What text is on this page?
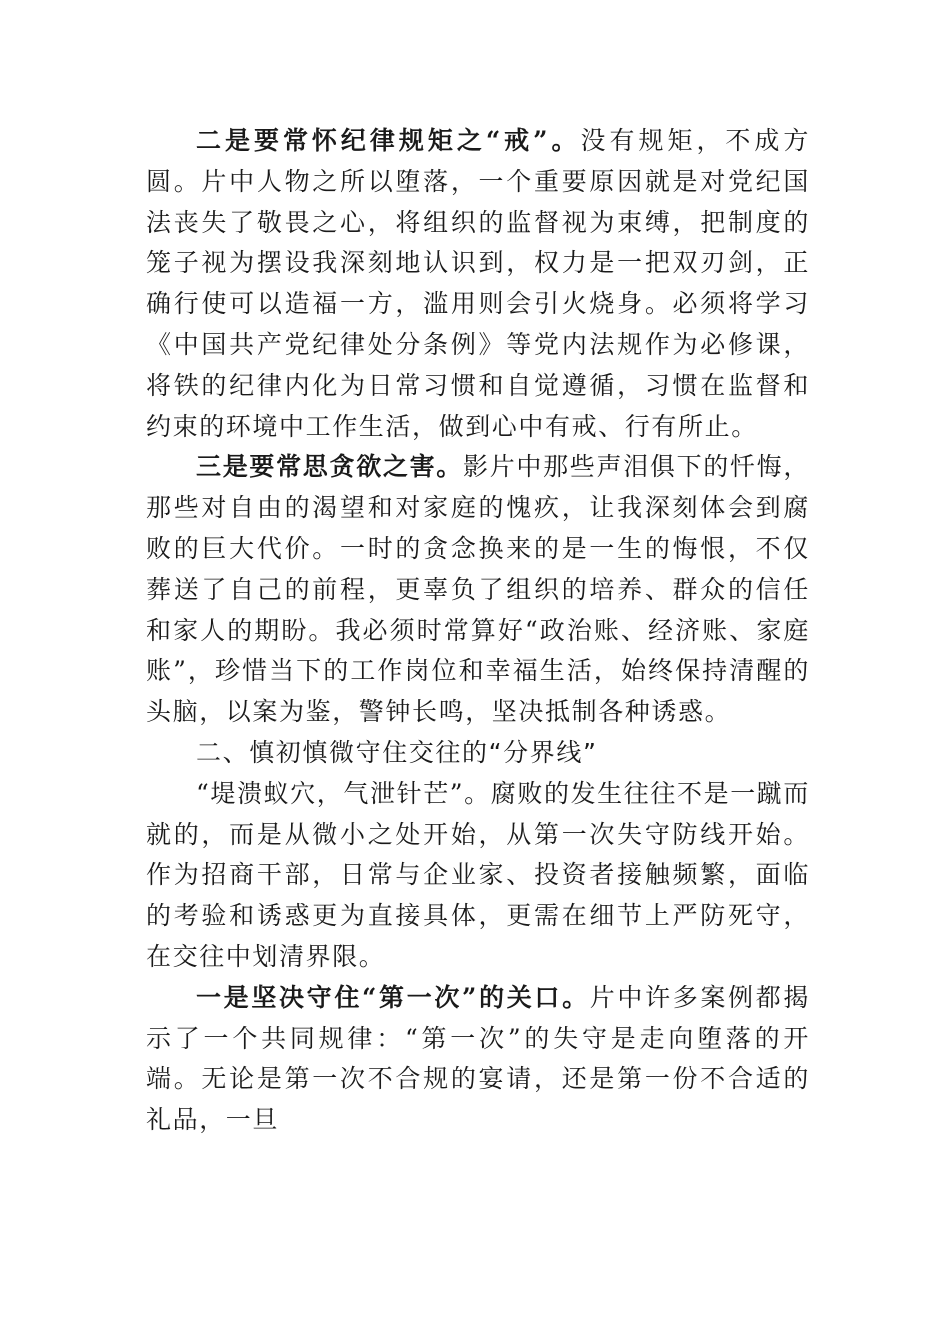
二是要常怀纪律规矩之“戒”。没有规矩，不成方圆。片中人物之所以堕落，一个重要原因就是对党纪国法丧失了敬畏之心，将组织的监督视为束缚，把制度的笼子视为摆设我深刻地认识到，权力是一把双刃剑，正确行使可以造福一方，滥用则会引火烧身。必须将学习《中国共产党纪律处分条例》等党内法规作为必修课，将铁的纪律内化为日常习惯和自觉遵循，习惯在监督和约束的环境中工作生活，做到心中有戒、行有所止。

三是要常思贪欲之害。影片中那些声泪俱下的忏悔，那些对自由的渴望和对家庭的愧疚，让我深刻体会到腐败的巨大代价。一时的贪念换来的是一生的悔恨，不仅葬送了自己的前程，更辜负了组织的培养、群众的信任和家人的期盼。我必须时常算好“政治账、经济账、家庭账”，珍惜当下的工作岗位和幸福生活，始终保持清醒的头脑，以案为鉴，警钟长鸣，坚决抵制各种诱惑。

二、慎初慎微守住交往的“分界线”

“堤溃蚁穴，气泄针芒”。腐败的发生往往不是一蹴而就的，而是从微小之处开始，从第一次失守防线开始。作为招商干部，日常与企业家、投资者接触频繁，面临的考验和诱惑更为直接具体，更需在细节上严防死守，在交往中划清界限。

一是坚决守住“第一次”的关口。片中许多案例都揭示了一个共同规律：“第一次”的失守是走向堕落的开端。无论是第一次不合规的宴请，还是第一份不合适的礼品，一旦
